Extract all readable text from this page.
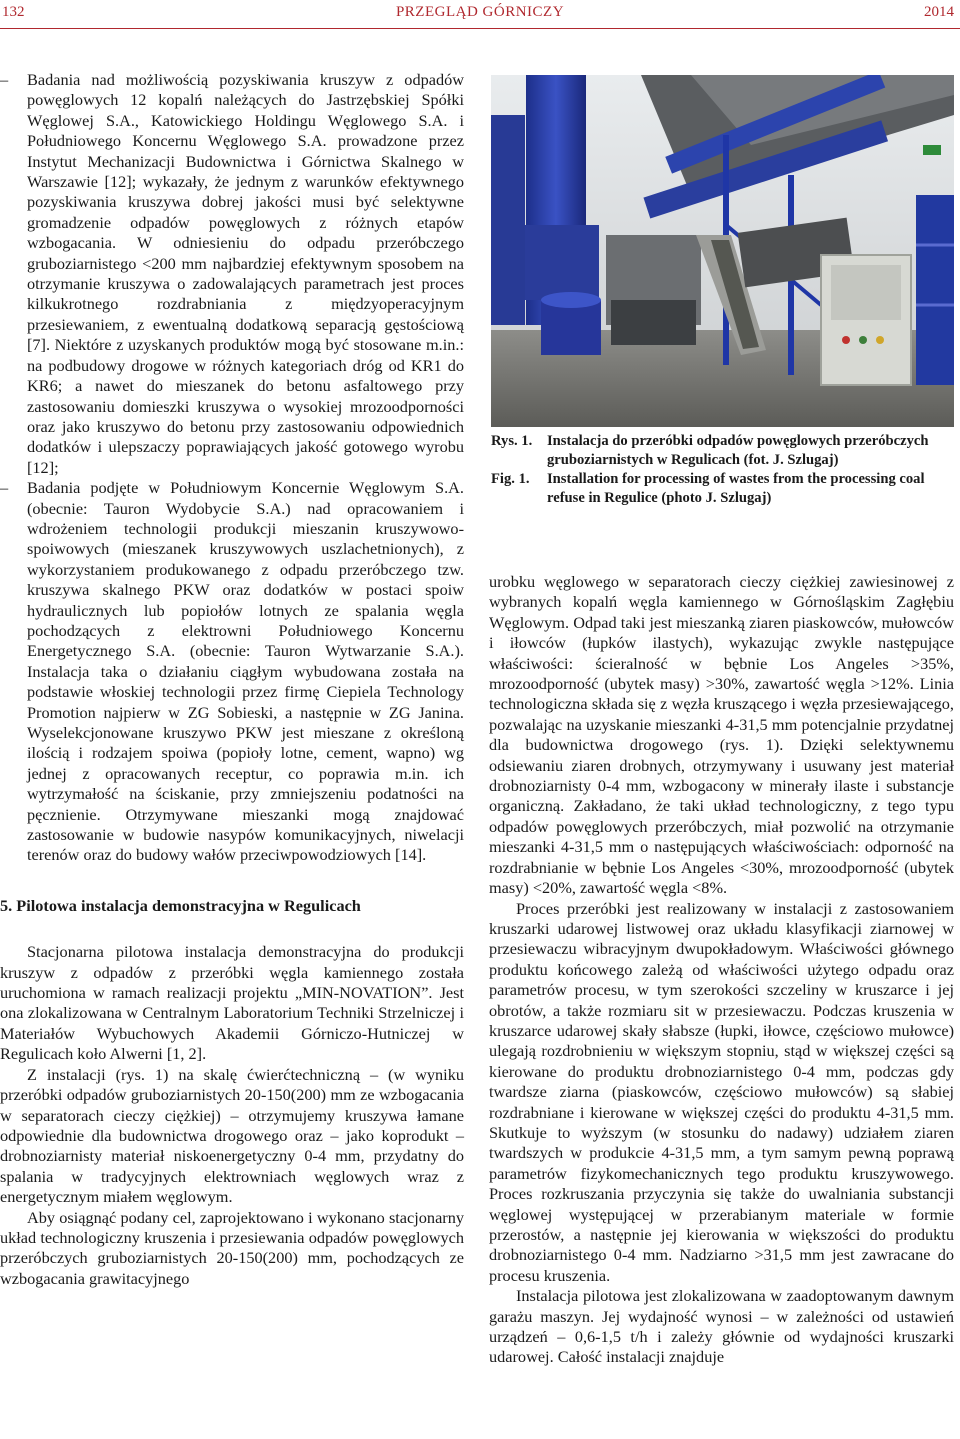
132	PRZEGLĄD GÓRNICZY	2014
–	Badania nad możliwością pozyskiwania kruszyw z odpadów powęglowych 12 kopalń należących do Jastrzębskiej Spółki Węglowej S.A., Katowickiego Holdingu Węglowego S.A. i Południowego Koncernu Węglowego S.A. prowadzone przez Instytut Mechanizacji Budownictwa i Górnictwa Skalnego w Warszawie [12]; wykazały, że jednym z warunków efektywnego pozyskiwania kruszywa dobrej jakości musi być selektywne gromadzenie odpadów powęglowych z różnych etapów wzbogacania. W odniesieniu do odpadu przeróbczego gruboziarnistego <200 mm najbardziej efektywnym sposobem na otrzymanie kruszywa o zadowalających parametrach jest proces kilkukrotnego rozdrabniania z międzyoperacyjnym przesiewaniem, z ewentualną dodatkową separacją gęstościową [7]. Niektóre z uzyskanych produktów mogą być stosowane m.in.: na podbudowy drogowe w różnych kategoriach dróg od KR1 do KR6; a nawet do mieszanek do betonu asfaltowego przy zastosowaniu domieszki kruszywa o wysokiej mrozoodporności oraz jako kruszywo do betonu przy zastosowaniu odpowiednich dodatków i ulepszaczy poprawiających jakość gotowego wyrobu [12];
–	Badania podjęte w Południowym Koncernie Węglowym S.A. (obecnie: Tauron Wydobycie S.A.) nad opracowaniem i wdrożeniem technologii produkcji mieszanin kruszywowo-spoiwowych (mieszanek kruszywowych uszlachetnionych), z wykorzystaniem produkowanego z odpadu przeróbczego tzw. kruszywa skalnego PKW oraz dodatków w postaci spoiw hydraulicznych lub popiołów lotnych ze spalania węgla pochodzących z elektrowni Południowego Koncernu Energetycznego S.A. (obecnie: Tauron Wytwarzanie S.A.). Instalacja taka o działaniu ciągłym wybudowana została na podstawie włoskiej technologii przez firmę Ciepiela Technology Promotion najpierw w ZG Sobieski, a następnie w ZG Janina. Wyselekcjonowane kruszywo PKW jest mieszane z określoną ilością i rodzajem spoiwa (popioły lotne, cement, wapno) wg jednej z opracowanych receptur, co poprawia m.in. ich wytrzymałość na ściskanie, przy zmniejszeniu podatności na pęcznienie. Otrzymywane mieszanki mogą znajdować zastosowanie w budowie nasypów komunikacyjnych, niwelacji terenów oraz do budowy wałów przeciwpowodziowych [14].
5. Pilotowa instalacja demonstracyjna w Regulicach

Stacjonarna pilotowa instalacja demonstracyjna do produkcji kruszyw z odpadów z przeróbki węgla kamiennego została uruchomiona w ramach realizacji projektu „MIN-NOVATION”. Jest ona zlokalizowana w Centralnym Laboratorium Techniki Strzelniczej i Materiałów Wybuchowych Akademii Górniczo-Hutniczej w Regulicach koło Alwerni [1, 2].

Z instalacji (rys. 1) na skalę ćwierćtechniczną – (w wyniku przeróbki odpadów gruboziarnistych 20-150(200) mm ze wzbogacania w separatorach cieczy ciężkiej) – otrzymujemy kruszywa łamane odpowiednie dla budownictwa drogowego oraz – jako koprodukt – drobnoziarnisty materiał niskoenergetyczny 0-4 mm, przydatny do spalania w tradycyjnych elektrowniach węglowych wraz z energetycznym miałem węglowym.

Aby osiągnąć podany cel, zaprojektowano i wykonano stacjonarny układ technologiczny kruszenia i przesiewania odpadów powęglowych przeróbczych gruboziarnistych 20-150(200) mm, pochodzących ze wzbogacania grawitacyjnego

Rys. 1.	Instalacja do przeróbki odpadów powęglowych przeróbczych gruboziarnistych w Regulicach (fot. J. Szlugaj)
Fig. 1.	Installation for processing of wastes from the processing coal refuse in Regulice (photo J. Szlugaj)

urobku węglowego w separatorach cieczy ciężkiej zawiesinowej z wybranych kopalń węgla kamiennego w Górnośląskim Zagłębiu Węglowym. Odpad taki jest mieszanką ziaren piaskowców, mułowców i iłowców (łupków ilastych), wykazując zwykle następujące właściwości: ścieralność w bębnie Los Angeles >35%, mrozoodporność (ubytek masy) >30%, zawartość węgla >12%. Linia technologiczna składa się z węzła kruszącego i węzła przesiewającego, pozwalając na uzyskanie mieszanki 4-31,5 mm potencjalnie przydatnej dla budownictwa drogowego (rys. 1). Dzięki selektywnemu odsiewaniu ziaren drobnych, otrzymywany i usuwany jest materiał drobnoziarnisty 0-4 mm, wzbogacony w minerały ilaste i substancje organiczną. Zakładano, że taki układ technologiczny, z tego typu odpadów powęglowych przeróbczych, miał pozwolić na otrzymanie mieszanki 4-31,5 mm o następujących właściwościach: odporność na rozdrabnianie w bębnie Los Angeles <30%, mrozoodporność (ubytek masy) <20%, zawartość węgla <8%.

Proces przeróbki jest realizowany w instalacji z zastosowaniem kruszarki udarowej listwowej oraz układu klasyfikacji ziarnowej w przesiewaczu wibracyjnym dwupokładowym. Właściwości głównego produktu końcowego zależą od właściwości użytego odpadu oraz parametrów procesu, w tym szerokości szczeliny w kruszarce i jej obrotów, a także rozmiaru sit w przesiewaczu. Podczas kruszenia w kruszarce udarowej skały słabsze (łupki, iłowce, częściowo mułowce) ulegają rozdrobnieniu w większym stopniu, stąd w większej części są kierowane do produktu drobnoziarnistego 0-4 mm, podczas gdy twardsze ziarna (piaskowców, częściowo mułowców) są słabiej rozdrabniane i kierowane w większej części do produktu 4-31,5 mm. Skutkuje to wyższym (w stosunku do nadawy) udziałem ziaren twardszych w produkcie 4-31,5 mm, a tym samym pewną poprawą parametrów fizykomechanicznych tego produktu kruszywowego. Proces rozkruszania przyczynia się także do uwalniania substancji węglowej występującej w przerabianym materiale w formie przerostów, a następnie jej kierowania w większości do produktu drobnoziarnistego 0-4 mm. Nadziarno >31,5 mm jest zawracane do procesu kruszenia.

Instalacja pilotowa jest zlokalizowana w zaadoptowanym dawnym garażu maszyn. Jej wydajność wynosi – w zależności od ustawień urządzeń – 0,6-1,5 t/h i zależy głównie od wydajności kruszarki udarowej. Całość instalacji znajduje
